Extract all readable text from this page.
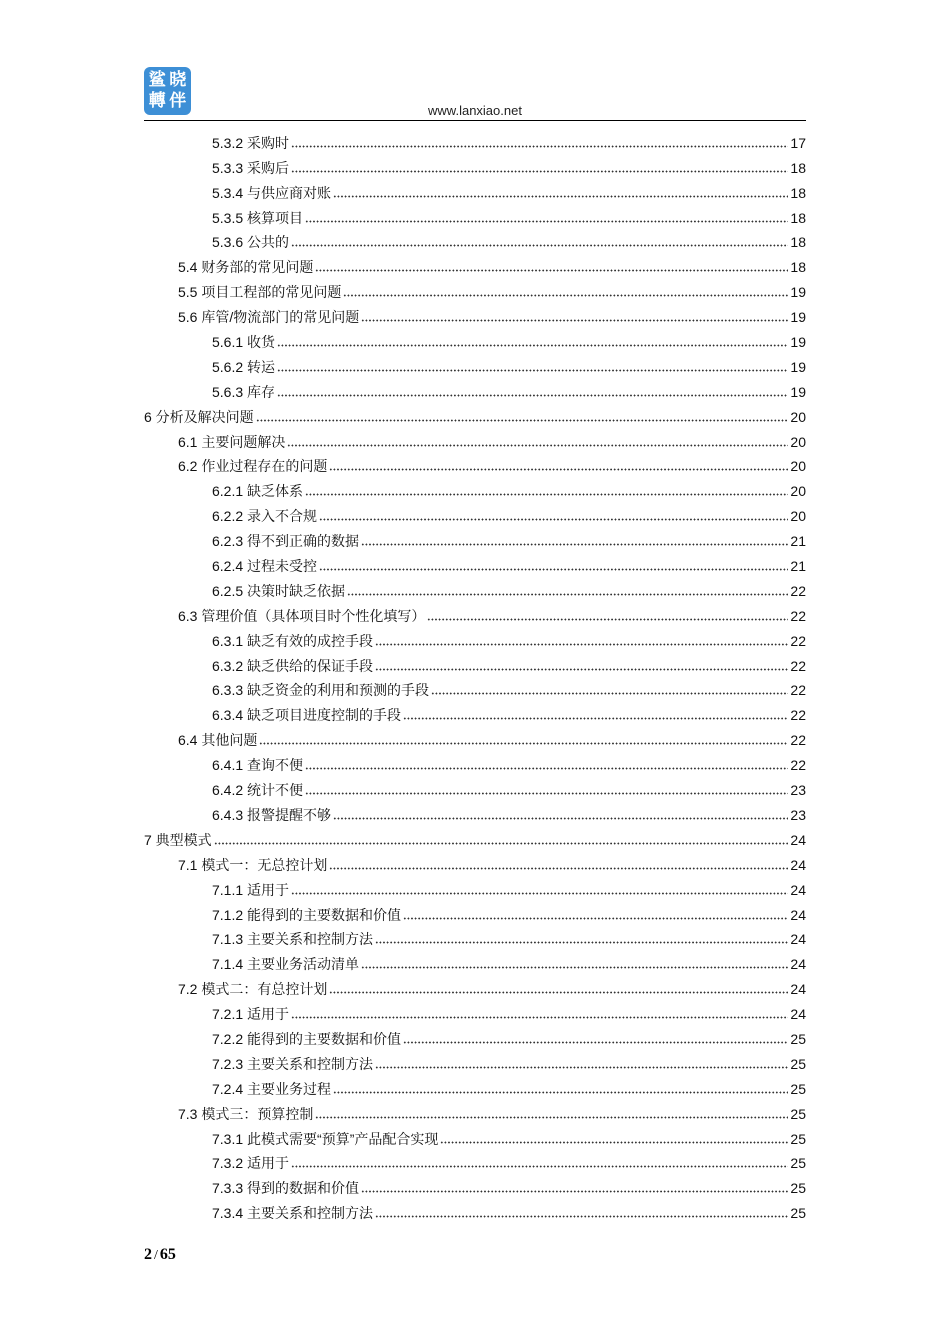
鲨 晓
轉 伴	www.lanxiao.net
5.3.2 采购时	17
5.3.3 采购后	18
5.3.4 与供应商对账	18
5.3.5 核算项目	18
5.3.6 公共的	18
5.4 财务部的常见问题	18
5.5 项目工程部的常见问题	19
5.6 库管/物流部门的常见问题	19
5.6.1 收货	19
5.6.2 转运	19
5.6.3 库存	19
6 分析及解决问题	20
6.1 主要问题解决	20
6.2 作业过程存在的问题	20
6.2.1 缺乏体系	20
6.2.2 录入不合规	20
6.2.3 得不到正确的数据	21
6.2.4 过程未受控	21
6.2.5 决策时缺乏依据	22
6.3 管理价值（具体项目时个性化填写）	22
6.3.1 缺乏有效的成控手段	22
6.3.2 缺乏供给的保证手段	22
6.3.3 缺乏资金的利用和预测的手段	22
6.3.4 缺乏项目进度控制的手段	22
6.4 其他问题	22
6.4.1 查询不便	22
6.4.2 统计不便	23
6.4.3 报警提醒不够	23
7 典型模式	24
7.1 模式一：无总控计划	24
7.1.1 适用于	24
7.1.2 能得到的主要数据和价值	24
7.1.3 主要关系和控制方法	24
7.1.4 主要业务活动清单	24
7.2 模式二：有总控计划	24
7.2.1 适用于	24
7.2.2 能得到的主要数据和价值	25
7.2.3 主要关系和控制方法	25
7.2.4 主要业务过程	25
7.3 模式三：预算控制	25
7.3.1 此模式需要“预算”产品配合实现	25
7.3.2 适用于	25
7.3.3 得到的数据和价值	25
7.3.4 主要关系和控制方法	25
2 / 65
